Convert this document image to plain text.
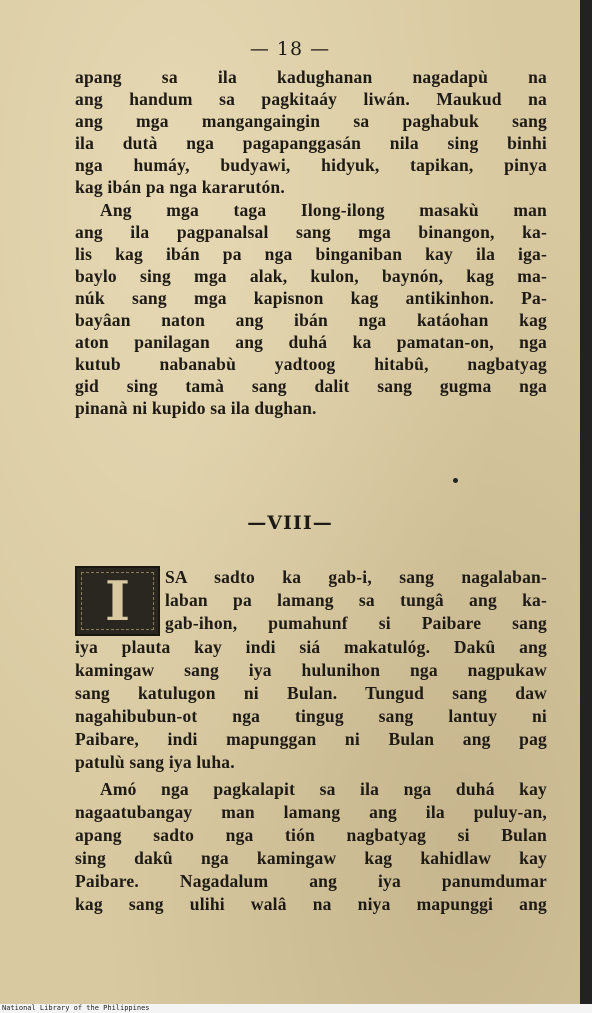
— 18 —
apang sa ila kadughanan nagadapù na
ang handum sa pagkitaáy liwán. Maukud na
ang mga mangangaingin sa paghabuk sang
ila dutà nga pagapanggasán nila sing binhi
nga humáy, budyawi, hidyuk, tapikan, pinya
kag ibán pa nga kararutón.
Ang mga taga Ilong-ilong masakù man
ang ila pagpanalsal sang mga binangon, ka-
lis kag ibán pa nga binganiban kay ila iga-
baylo sing mga alak, kulon, baynón, kag ma-
núk sang mga kapisnon kag antikinhon. Pa-
bayâan naton ang ibán nga katáohan kag
aton panilagan ang duhá ka pamatan-on, nga
kutub nabanabù yadtoog hitabû, nagbatyag
gid sing tamà sang dalit sang gugma nga
pinanà ni kupido sa ila dughan.
—VIII—
I	SA sadto ka gab-i, sang nagalaban-
laban pa lamang sa tungâ ang ka-
gab-ihon, pumahunf si Paibare sang
iya plauta kay indi siá makatulóg. Dakû ang
kamingaw sang iya hulunihon nga nagpukaw
sang katulugon ni Bulan. Tungud sang daw
nagahibubun-ot nga tingug sang lantuy ni
Paibare, indi mapunggan ni Bulan ang pag
patulù sang iya luha.
Amó nga pagkalapit sa ila nga duhá kay
nagaatubangay man lamang ang ila puluy-an,
apang sadto nga tión nagbatyag si Bulan
sing dakû nga kamingaw kag kahidlaw kay
Paibare. Nagadalum ang iya panumdumar
kag sang ulihi walâ na niya mapunggi ang
National Library of the Philippines
